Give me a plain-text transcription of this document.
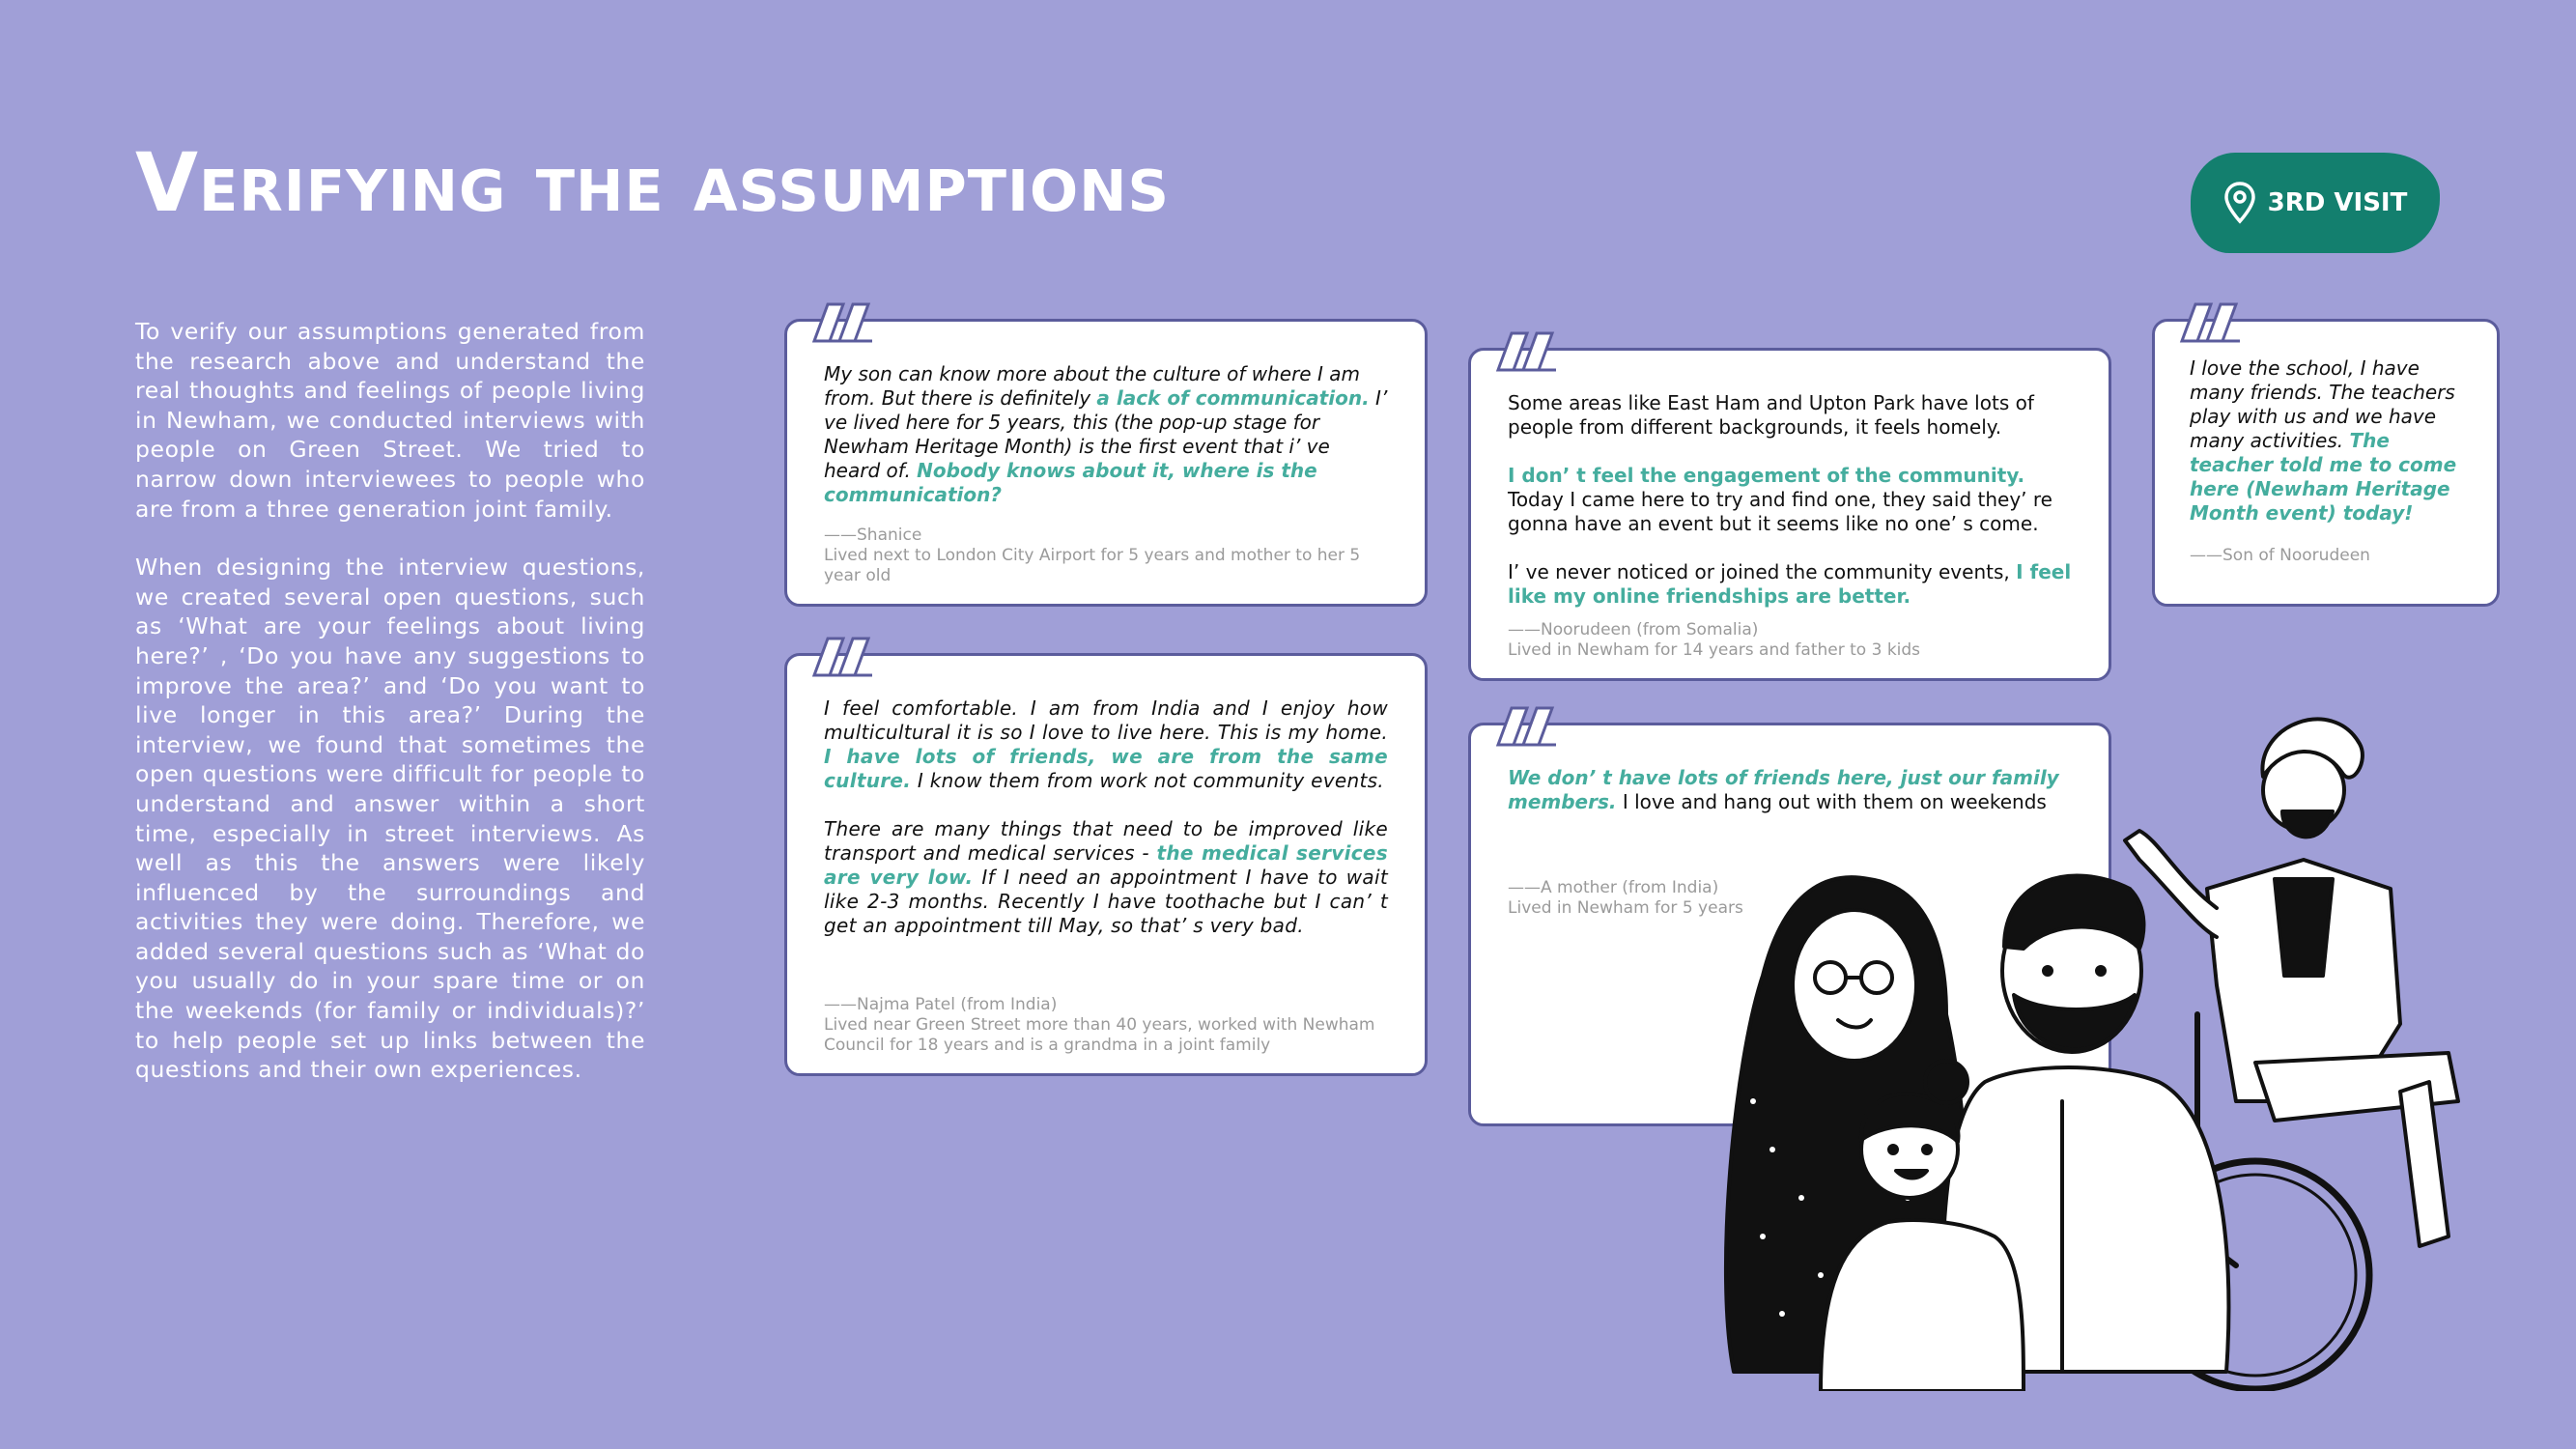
Verifying the assumptions	3RD VISIT

To verify our assumptions generated from the research above and understand the real thoughts and feelings of people living in Newham, we conducted interviews with people on Green Street. We tried to narrow down interviewees to people who are from a three generation joint family.

When designing the interview questions, we created several open questions, such as ‘What are your feelings about living here?’ , ‘Do you have any suggestions to improve the area?’ and ‘Do you want to live longer in this area?’ During the interview, we found that sometimes the open questions were difficult for people to understand and answer within a short time, especially in street interviews. As well as this the answers were likely influenced by the surroundings and activities they were doing. Therefore, we added several questions such as ‘What do you usually do in your spare time or on the weekends (for family or individuals)?’ to help people set up links between the questions and their own experiences.

My son can know more about the culture of where I am from. But there is definitely a lack of communication. I’ ve lived here for 5 years, this (the pop-up stage for Newham Heritage Month) is the first event that i’ ve heard of. Nobody knows about it, where is the communication?
——Shanice
Lived next to London City Airport for 5 years and mother to her 5 year old

I feel comfortable. I am from India and I enjoy how multicultural it is so I love to live here. This is my home. I have lots of friends, we are from the same culture. I know them from work not community events.

There are many things that need to be improved like transport and medical services - the medical services are very low. If I need an appointment I have to wait like 2-3 months. Recently I have toothache but I can’ t get an appointment till May, so that’ s very bad.

——Najma Patel (from India)
Lived near Green Street more than 40 years, worked with Newham Council for 18 years and is a grandma in a joint family

Some areas like East Ham and Upton Park have lots of people from different backgrounds, it feels homely.

I don’ t feel the engagement of the community. Today I came here to try and find one, they said they’ re gonna have an event but it seems like no one’ s come.

I’ ve never noticed or joined the community events, I feel like my online friendships are better.

——Noorudeen (from Somalia)
Lived in Newham for 14 years and father to 3 kids
I love the school, I have many friends. The teachers play with us and we have many activities. The teacher told me to come here (Newham Heritage Month event) today!
——Son of Noorudeen
We don’ t have lots of friends here, just our family members. I love and hang out with them on weekends
——A mother (from India)
Lived in Newham for 5 years
